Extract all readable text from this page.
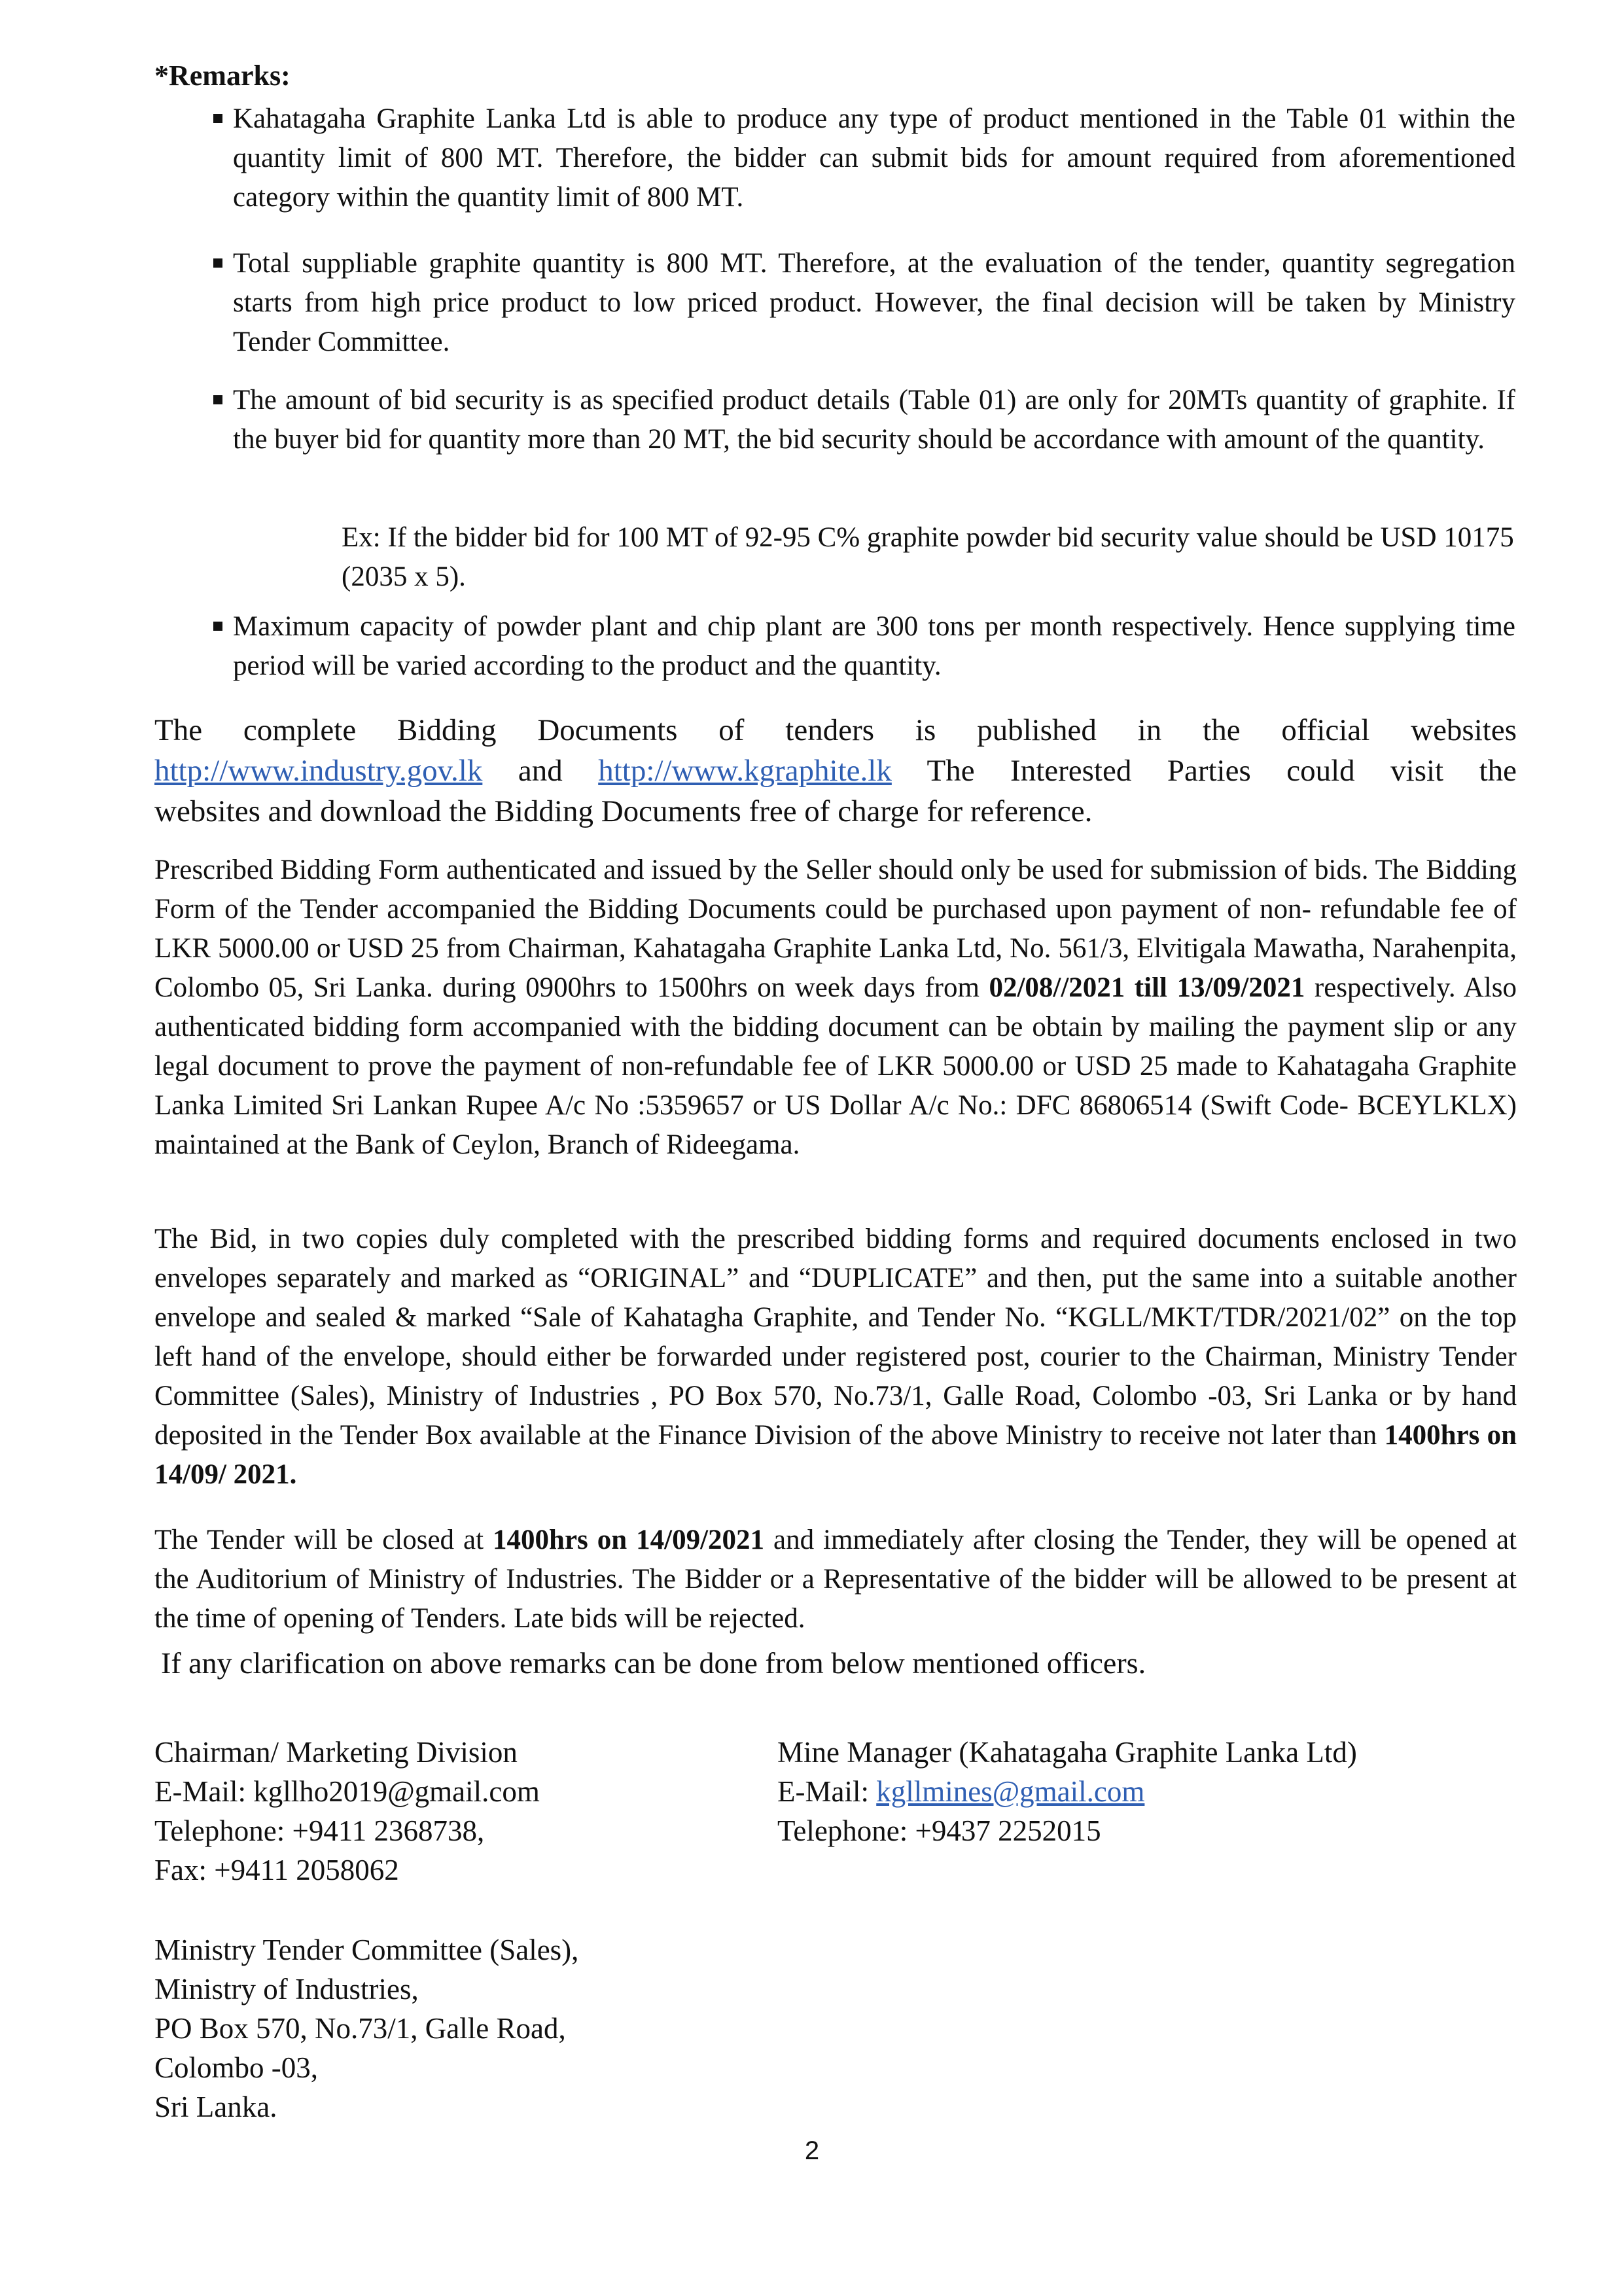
*Remarks:

Kahatagaha Graphite Lanka Ltd is able to produce any type of product mentioned in the Table 01 within the quantity limit of 800 MT. Therefore, the bidder can submit bids for amount required from aforementioned category within the quantity limit of 800 MT.

Total suppliable graphite quantity is 800 MT. Therefore, at the evaluation of the tender, quantity segregation starts from high price product to low priced product. However, the final decision will be taken by Ministry Tender Committee.

The amount of bid security is as specified product details (Table 01) are only for 20MTs quantity of graphite. If the buyer bid for quantity more than 20 MT, the bid security should be accordance with amount of the quantity.

Ex: If the bidder bid for 100 MT of 92-95 C% graphite powder bid security value should be USD 10175 (2035 x 5).

Maximum capacity of powder plant and chip plant are 300 tons per month respectively. Hence supplying time period will be varied according to the product and the quantity.

The complete Bidding Documents of tenders is published in the official websites
http://www.industry.gov.lk and http://www.kgraphite.lk The Interested Parties could visit the
websites and download the Bidding Documents free of charge for reference.
Prescribed Bidding Form authenticated and issued by the Seller should only be used for submission of bids. The Bidding Form of the Tender accompanied the Bidding Documents could be purchased upon payment of non- refundable fee of LKR 5000.00 or USD 25 from Chairman, Kahatagaha Graphite Lanka Ltd, No. 561/3, Elvitigala Mawatha, Narahenpita, Colombo 05, Sri Lanka. during 0900hrs to 1500hrs on week days from 02/08//2021 till 13/09/2021 respectively. Also authenticated bidding form accompanied with the bidding document can be obtain by mailing the payment slip or any legal document to prove the payment of non-refundable fee of LKR 5000.00 or USD 25 made to Kahatagaha Graphite Lanka Limited Sri Lankan Rupee A/c No :5359657 or US Dollar A/c No.: DFC 86806514 (Swift Code- BCEYLKLX) maintained at the Bank of Ceylon, Branch of Rideegama.
The Bid, in two copies duly completed with the prescribed bidding forms and required documents enclosed in two envelopes separately and marked as “ORIGINAL” and “DUPLICATE” and then, put the same into a suitable another envelope and sealed & marked “Sale of Kahatagha Graphite, and Tender No. “KGLL/MKT/TDR/2021/02” on the top left hand of the envelope, should either be forwarded under registered post, courier to the Chairman, Ministry Tender Committee (Sales), Ministry of Industries , PO Box 570, No.73/1, Galle Road, Colombo -03, Sri Lanka or by hand deposited in the Tender Box available at the Finance Division of the above Ministry to receive not later than 1400hrs on 14/09/ 2021.
The Tender will be closed at 1400hrs on 14/09/2021 and immediately after closing the Tender, they will be opened at the Auditorium of Ministry of Industries. The Bidder or a Representative of the bidder will be allowed to be present at the time of opening of Tenders. Late bids will be rejected.
If any clarification on above remarks can be done from below mentioned officers.
Chairman/ Marketing Division
E-Mail: kgllho2019@gmail.com
Telephone: +9411 2368738,
Fax: +9411 2058062
Mine Manager (Kahatagaha Graphite Lanka Ltd)
E-Mail: kgllmines@gmail.com
Telephone: +9437 2252015
Ministry Tender Committee (Sales),
Ministry of Industries,
PO Box 570, No.73/1, Galle Road,
Colombo -03,
Sri Lanka.
2
